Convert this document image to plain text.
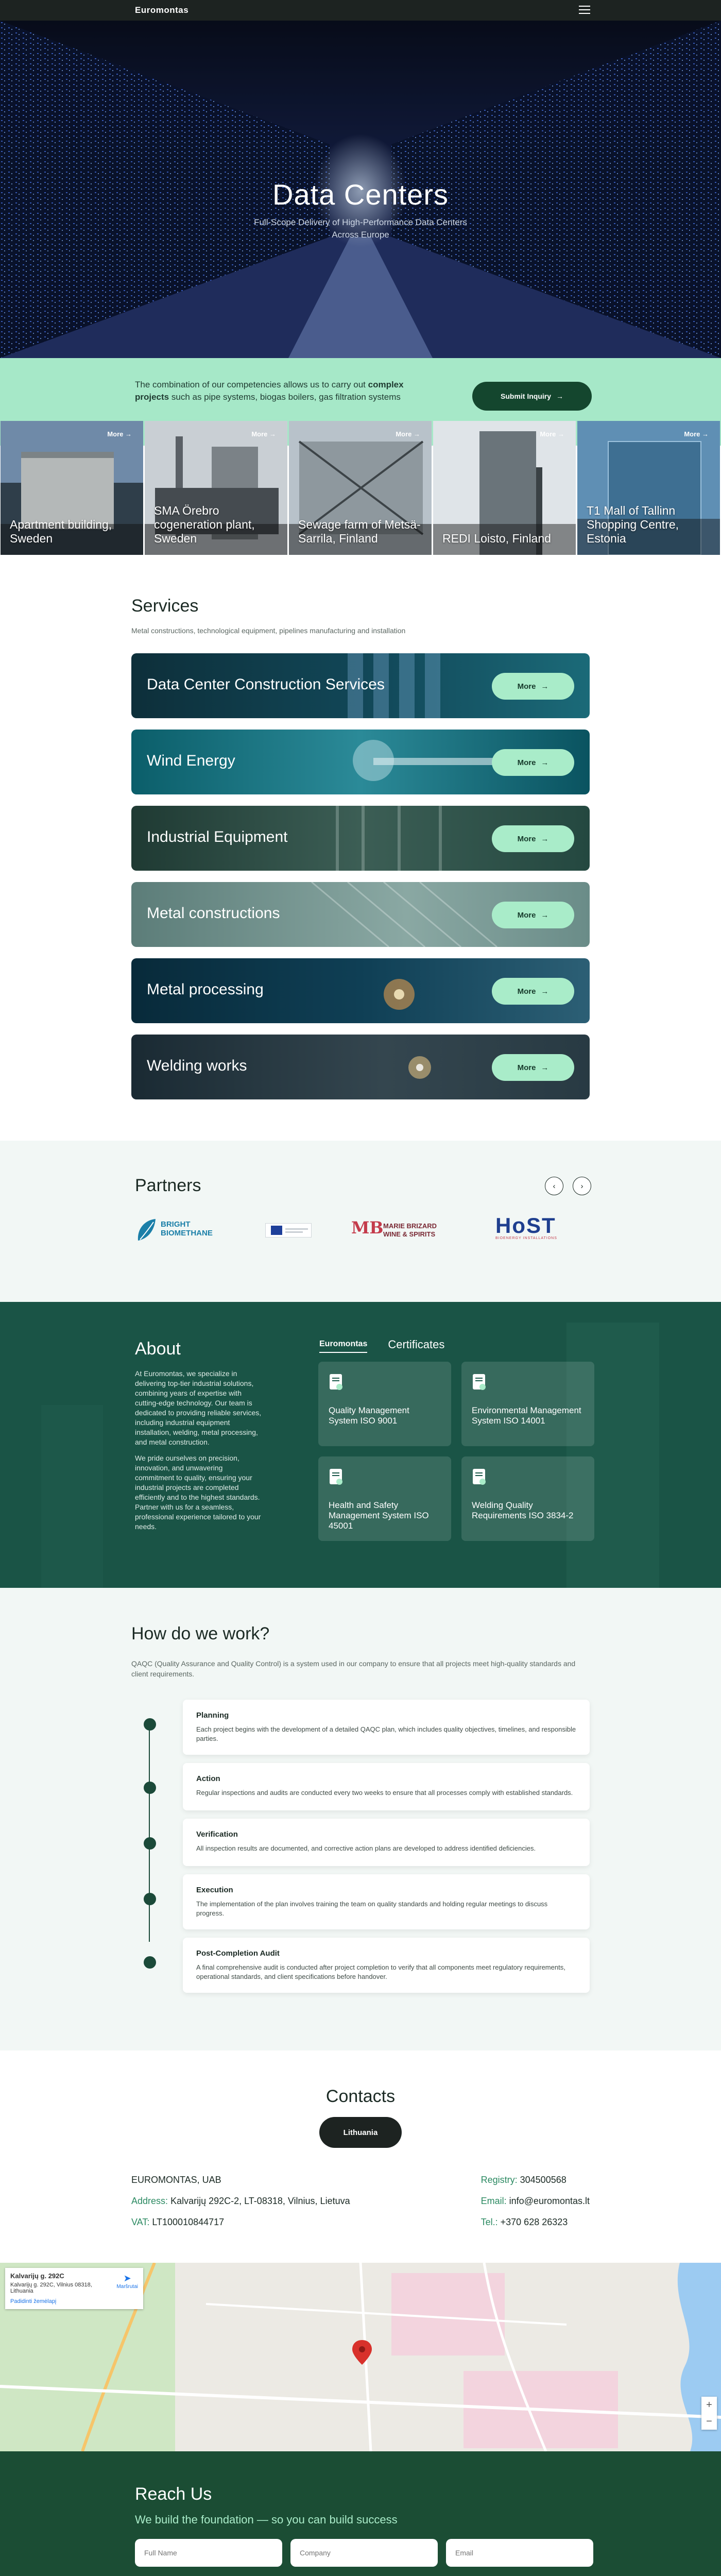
Euromontas
Data Centers

Full-Scope Delivery of High-Performance Data Centers Across Europe

The combination of our competencies allows us to carry out complex projects such as pipe systems, biogas boilers, gas filtration systems	Submit Inquiry →
More →
Apartment building, Sweden
More →
SMA Örebro cogeneration plant, Sweden
More →
Sewage farm of Metsä-Sarrila, Finland
More →
REDI Loisto, Finland
More →
T1 Mall of Tallinn Shopping Centre, Estonia
Services

Metal constructions, technological equipment, pipelines manufacturing and installation

Data Center Construction Services	More →
Wind Energy	More →
Industrial Equipment	More →
Metal constructions	More →
Metal processing	More →
Welding works	More →
Partners	‹	›
BRIGHT
BIOMETHANE	MB MARIE BRIZARD
WINE & SPIRITS	HoST
BIOENERGY INSTALLATIONS
About

At Euromontas, we specialize in delivering top-tier industrial solutions, combining years of expertise with cutting-edge technology. Our team is dedicated to providing reliable services, including industrial equipment installation, welding, metal processing, and metal construction.

We pride ourselves on precision, innovation, and unwavering commitment to quality, ensuring your industrial projects are completed efficiently and to the highest standards. Partner with us for a seamless, professional experience tailored to your needs.

Euromontas Certificates
Quality Management System ISO 9001
Environmental Management System ISO 14001
Health and Safety Management System ISO 45001
Welding Quality Requirements ISO 3834-2
How do we work?

QAQC (Quality Assurance and Quality Control) is a system used in our company to ensure that all projects meet high-quality standards and client requirements.

Planning
Each project begins with the development of a detailed QAQC plan, which includes quality objectives, timelines, and responsible parties.
Action
Regular inspections and audits are conducted every two weeks to ensure that all processes comply with established standards.
Verification
All inspection results are documented, and corrective action plans are developed to address identified deficiencies.
Execution
The implementation of the plan involves training the team on quality standards and holding regular meetings to discuss progress.
Post-Completion Audit
A final comprehensive audit is conducted after project completion to verify that all components meet regulatory requirements, operational standards, and client specifications before handover.
Contacts
Lithuania
EUROMONTAS, UAB
Address: Kalvarijų 292C-2, LT-08318, Vilnius, Lietuva
VAT: LT100010844717
Registry: 304500568
Email: info@euromontas.lt
Tel.: +370 628 26323
Kalvarijų g. 292C
Kalvarijų g. 292C, Vilnius 08318, Lithuania
Padidinti žemėlapį
➤
Maršrutai
+
−
Reach Us

We build the foundation — so you can build success

Full Name
Company
Email
